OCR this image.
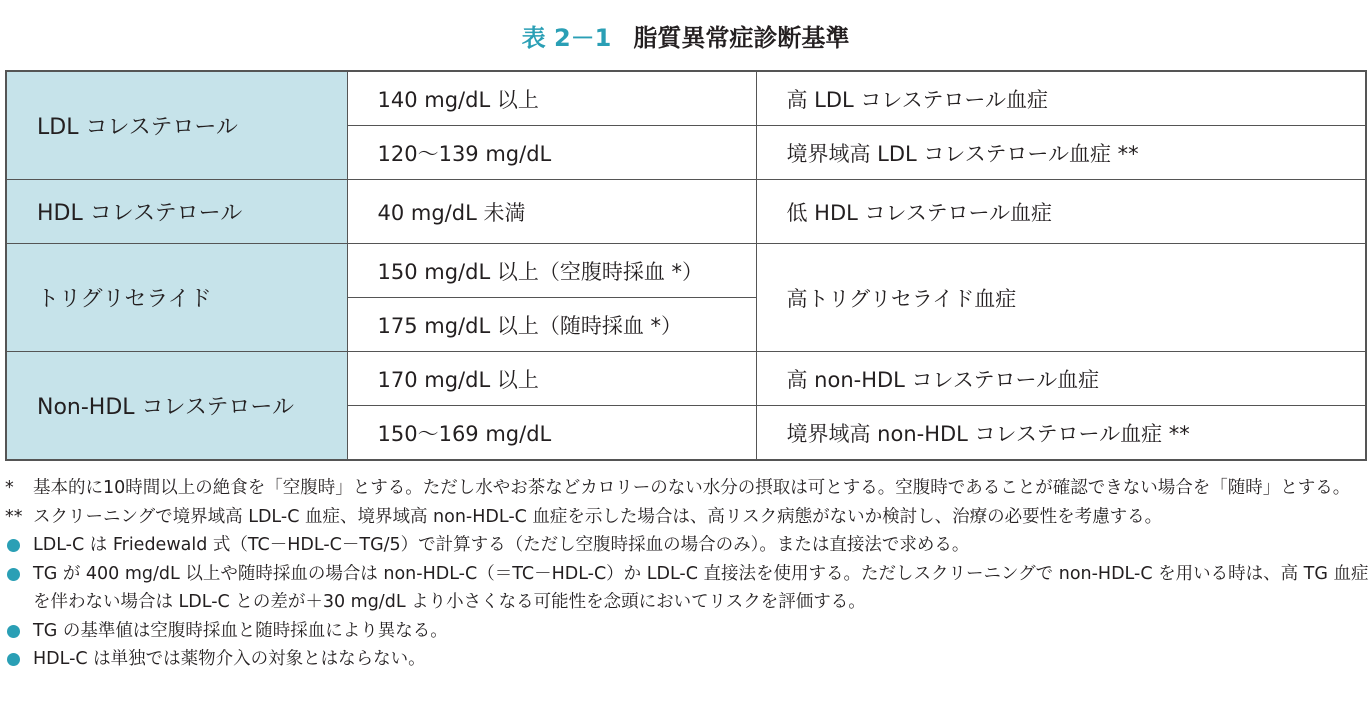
表 2－1 脂質異常症診断基準
LDL コレステロール	140 mg/dL 以上	高 LDL コレステロール血症
	120～139 mg/dL	境界域高 LDL コレステロール血症 **
HDL コレステロール	40 mg/dL 未満	低 HDL コレステロール血症
トリグリセライド	150 mg/dL 以上（空腹時採血 *）	高トリグリセライド血症
	175 mg/dL 以上（随時採血 *）	
Non-HDL コレステロール	170 mg/dL 以上	高 non-HDL コレステロール血症
	150～169 mg/dL	境界域高 non-HDL コレステロール血症 **
* 基本的に10時間以上の絶食を「空腹時」とする。ただし水やお茶などカロリーのない水分の摂取は可とする。空腹時であることが確認できない場合を「随時」とする。
** スクリーニングで境界域高 LDL-C 血症、境界域高 non-HDL-C 血症を示した場合は、高リスク病態がないか検討し、治療の必要性を考慮する。
LDL-C は Friedewald 式（TC－HDL-C－TG/5）で計算する（ただし空腹時採血の場合のみ）。または直接法で求める。
TG が 400 mg/dL 以上や随時採血の場合は non-HDL-C（＝TC－HDL-C）か LDL-C 直接法を使用する。ただしスクリーニングで non-HDL-C を用いる時は、高 TG 血症を伴わない場合は LDL-C との差が＋30 mg/dL より小さくなる可能性を念頭においてリスクを評価する。
TG の基準値は空腹時採血と随時採血により異なる。
HDL-C は単独では薬物介入の対象とはならない。
